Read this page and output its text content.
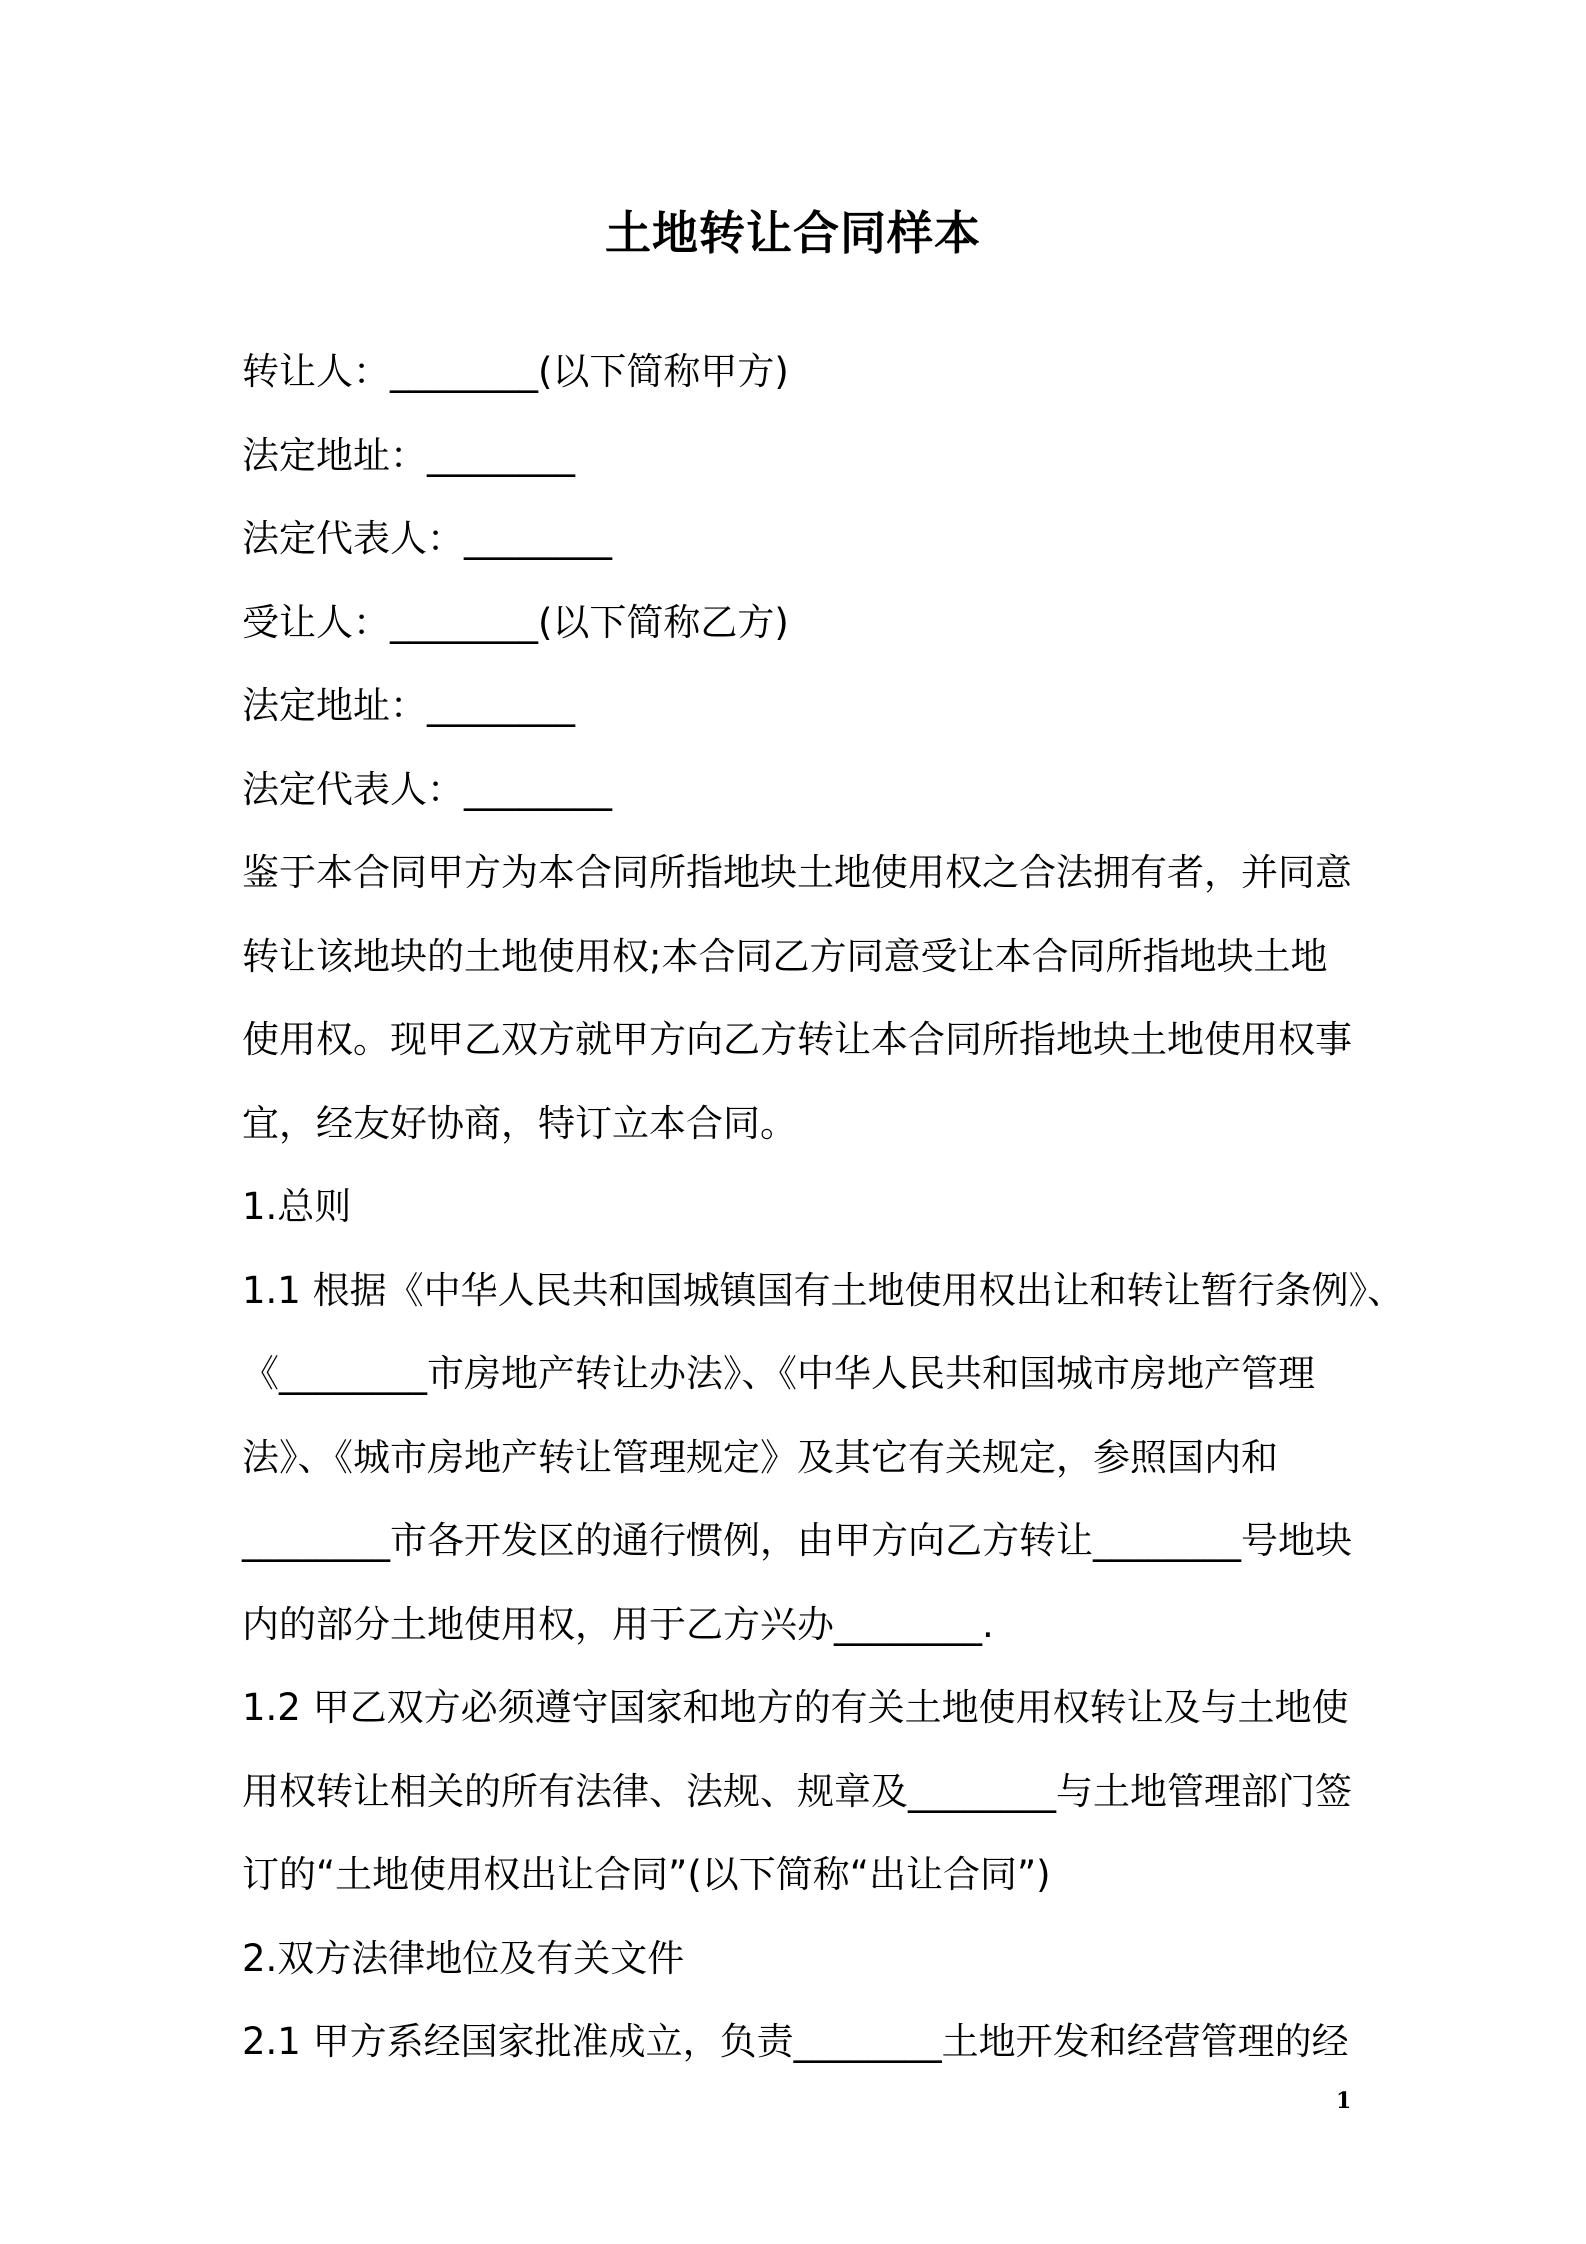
土地转让合同样本
转让人：________(以下简称甲方)
法定地址：________
法定代表人：________
受让人：________(以下简称乙方)
法定地址：________
法定代表人：________
鉴于本合同甲方为本合同所指地块土地使用权之合法拥有者，并同意
转让该地块的土地使用权;本合同乙方同意受让本合同所指地块土地
使用权。现甲乙双方就甲方向乙方转让本合同所指地块土地使用权事
宜，经友好协商，特订立本合同。
1.总则
1.1 根据《中华人民共和国城镇国有土地使用权出让和转让暂行条例》、
《________市房地产转让办法》、《中华人民共和国城市房地产管理
法》、《城市房地产转让管理规定》及其它有关规定，参照国内和
________市各开发区的通行惯例，由甲方向乙方转让________号地块
内的部分土地使用权，用于乙方兴办________.
1.2 甲乙双方必须遵守国家和地方的有关土地使用权转让及与土地使
用权转让相关的所有法律、法规、规章及________与土地管理部门签
订的“土地使用权出让合同”(以下简称“出让合同”)
2.双方法律地位及有关文件
2.1 甲方系经国家批准成立，负责________土地开发和经营管理的经
1
